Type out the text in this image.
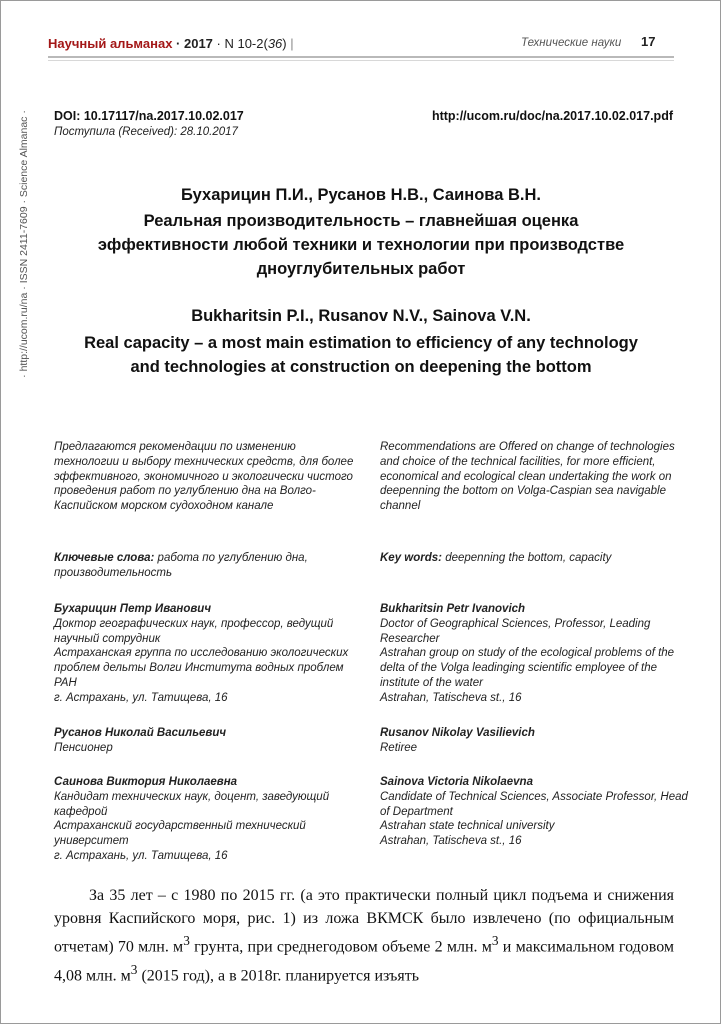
Научный альманах · 2017 · N 10-2(36) |	Технические науки 17
· http://ucom.ru/na · ISSN 2411-7609 · Science Almanac · DOI: 10.17117/na.2017.10.02.017	http://ucom.ru/doc/na.2017.10.02.017.pdf
Поступила (Received): 28.10.2017
Бухарицин П.И., Русанов Н.В., Саинова В.Н.
Реальная производительность – главнейшая оценка эффективности любой техники и технологии при производстве дноуглубительных работ
Bukharitsin P.I., Rusanov N.V., Sainova V.N.
Real capacity – a most main estimation to efficiency of any technology and technologies at construction on deepening the bottom

Предлагаются рекомендации по изменению технологии и выбору технических средств, для более эффективного, экономичного и экологически чистого проведения работ по углублению дна на Волго-Каспийском морском судоходном канале

Ключевые слова: работа по углублению дна, производительность

Бухарицин Петр Иванович

Доктор географических наук, профессор, ведущий научный сотрудник

Астраханская группа по исследованию экологических проблем дельты Волги Института водных проблем РАН

г. Астрахань, ул. Татищева, 16

Русанов Николай Васильевич

Пенсионер

Саинова Виктория Николаевна

Кандидат технических наук, доцент, заведующий кафедрой

Астраханский государственный технический университет

г. Астрахань, ул. Татищева, 16

Recommendations are Offered on change of technologies and choice of the technical facilities, for more efficient, economical and ecological clean undertaking the work on deepenning the bottom on Volga-Caspian sea navigable channel

Key words: deepenning the bottom, capacity

Bukharitsin Petr Ivanovich

Doctor of Geographical Sciences, Professor, Leading Researcher

Astrahan group on study of the ecological problems of the delta of the Volga leadinging scientific employee of the institute of the water

Astrahan, Tatischeva st., 16

Rusanov Nikolay Vasilievich

Retiree

Sainova Victoria Nikolaevna

Candidate of Technical Sciences, Associate Professor, Head of Department

Astrahan state technical university

Astrahan, Tatischeva st., 16

За 35 лет – с 1980 по 2015 гг. (а это практически полный цикл подъема и снижения уровня Каспийского моря, рис. 1) из ложа ВКМСК было извлечено (по официальным отчетам) 70 млн. $м^3$ грунта, при среднегодовом объеме 2 млн. $м^3$ и максимальном годовом 4,08 млн. $м^3$ (2015 год), а в 2018г. планируется изъять
